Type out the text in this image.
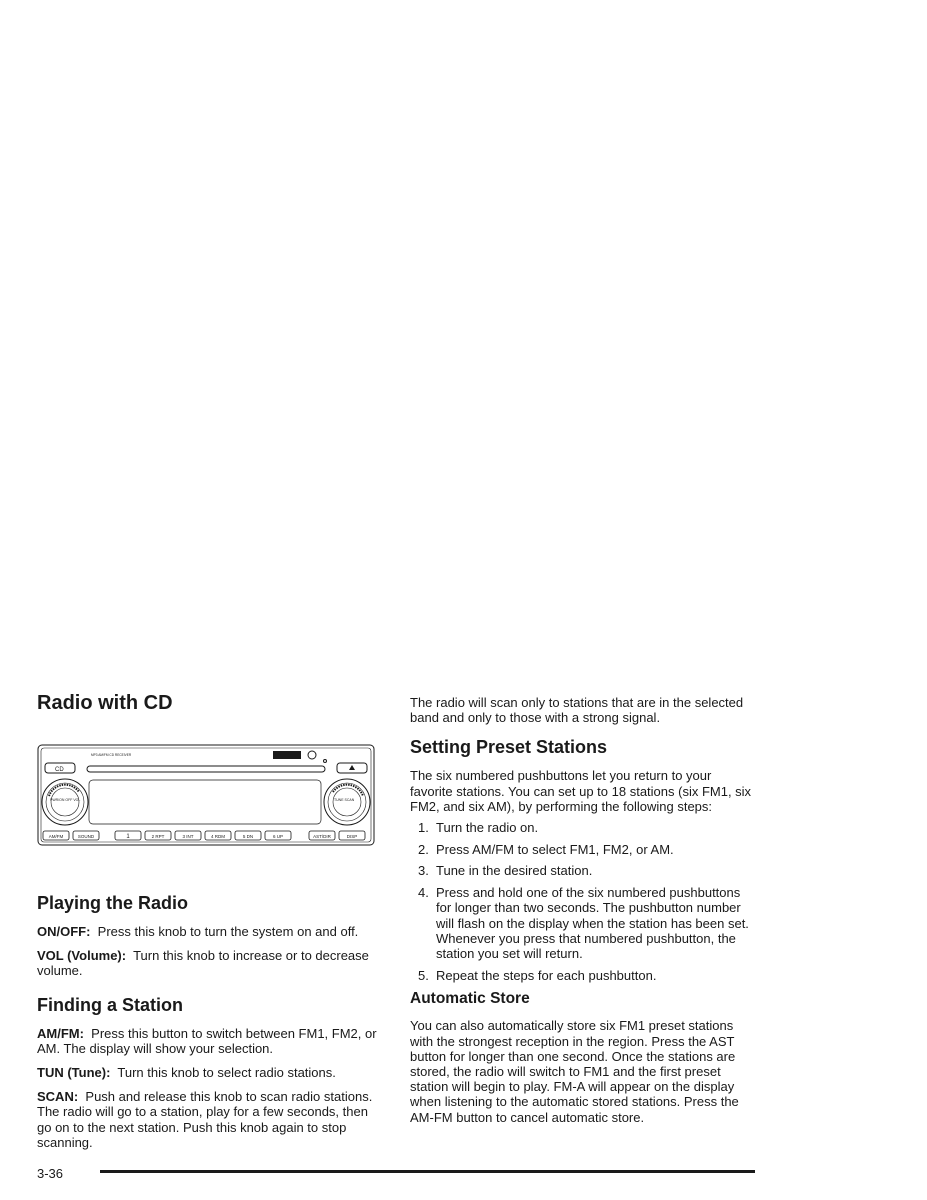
Radio with CD
MP3 AM/FM CD RECEIVER
CD
PWR/ON OFF VOL	TUNE SCAN
AM/FM	SOUND	1	2 RPT	3 INT	4 RDM	5 DN	6 UP	AST/DIR	DISP
Playing the Radio

ON/OFF: Press this knob to turn the system on and off.

VOL (Volume): Turn this knob to increase or to decrease volume.

Finding a Station

AM/FM: Press this button to switch between FM1, FM2, or AM. The display will show your selection.

TUN (Tune): Turn this knob to select radio stations.

SCAN: Push and release this knob to scan radio stations. The radio will go to a station, play for a few seconds, then go on to the next station. Push this knob again to stop scanning.

The radio will scan only to stations that are in the selected band and only to those with a strong signal.

Setting Preset Stations

The six numbered pushbuttons let you return to your favorite stations. You can set up to 18 stations (six FM1, six FM2, and six AM), by performing the following steps:

1. Turn the radio on.
2. Press AM/FM to select FM1, FM2, or AM.
3. Tune in the desired station.
4. Press and hold one of the six numbered pushbuttons for longer than two seconds. The pushbutton number will flash on the display when the station has been set. Whenever you press that numbered pushbutton, the station you set will return.
5. Repeat the steps for each pushbutton.
Automatic Store

You can also automatically store six FM1 preset stations with the strongest reception in the region. Press the AST button for longer than one second. Once the stations are stored, the radio will switch to FM1 and the first preset station will begin to play. FM-A will appear on the display when listening to the automatic stored stations. Press the AM-FM button to cancel automatic store.

3-36
